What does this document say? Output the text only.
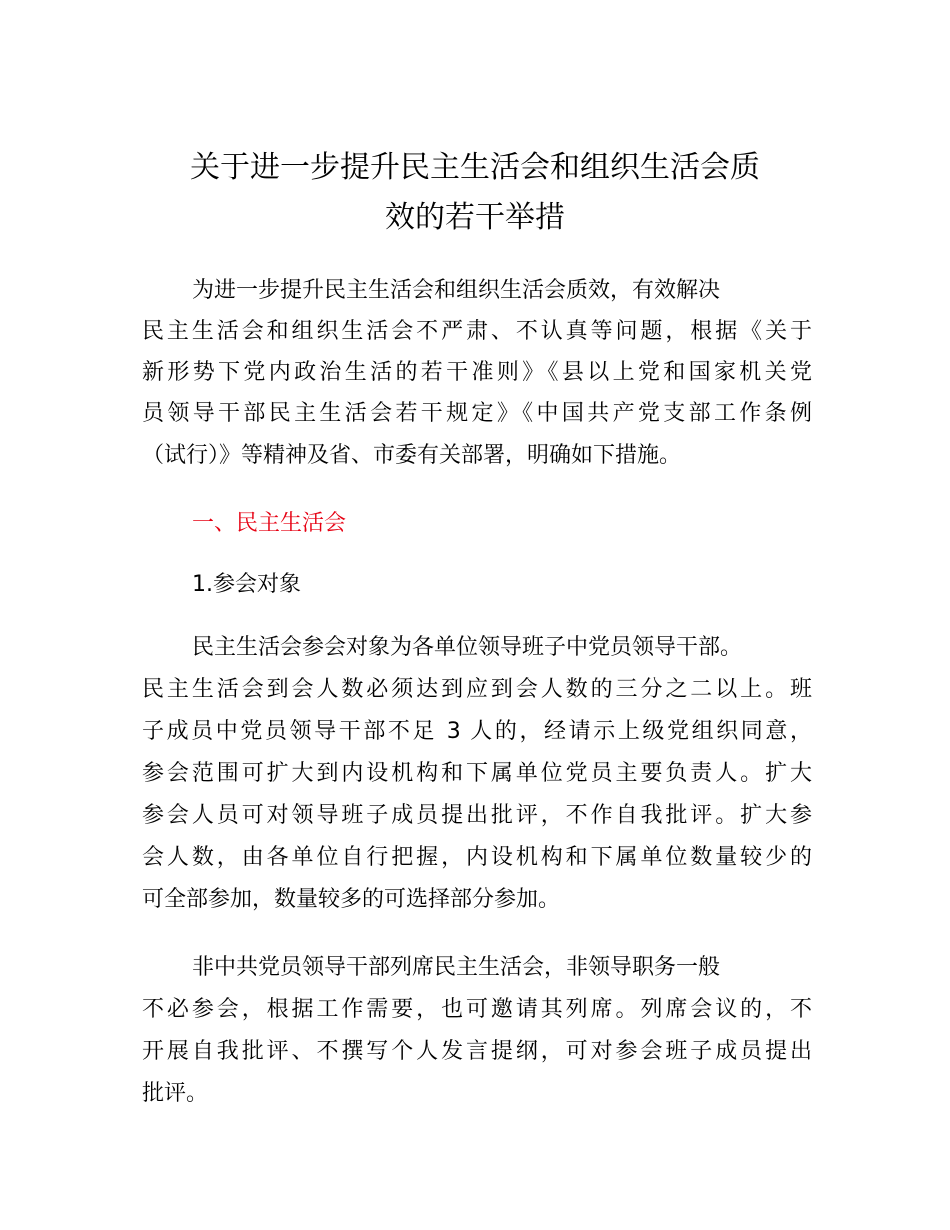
关于进一步提升民主生活会和组织生活会质
效的若干举措

为进一步提升民主生活会和组织生活会质效，有效解决

民主生活会和组织生活会不严肃、不认真等问题，根据《关于

新形势下党内政治生活的若干准则》《县以上党和国家机关党

员领导干部民主生活会若干规定》《中国共产党支部工作条例

（试行）》等精神及省、市委有关部署，明确如下措施。

一、民主生活会

1.参会对象

民主生活会参会对象为各单位领导班子中党员领导干部。

民主生活会到会人数必须达到应到会人数的三分之二以上。班

子成员中党员领导干部不足 3 人的，经请示上级党组织同意，

参会范围可扩大到内设机构和下属单位党员主要负责人。扩大

参会人员可对领导班子成员提出批评，不作自我批评。扩大参

会人数，由各单位自行把握，内设机构和下属单位数量较少的

可全部参加，数量较多的可选择部分参加。

非中共党员领导干部列席民主生活会，非领导职务一般

不必参会，根据工作需要，也可邀请其列席。列席会议的，不

开展自我批评、不撰写个人发言提纲，可对参会班子成员提出

批评。
